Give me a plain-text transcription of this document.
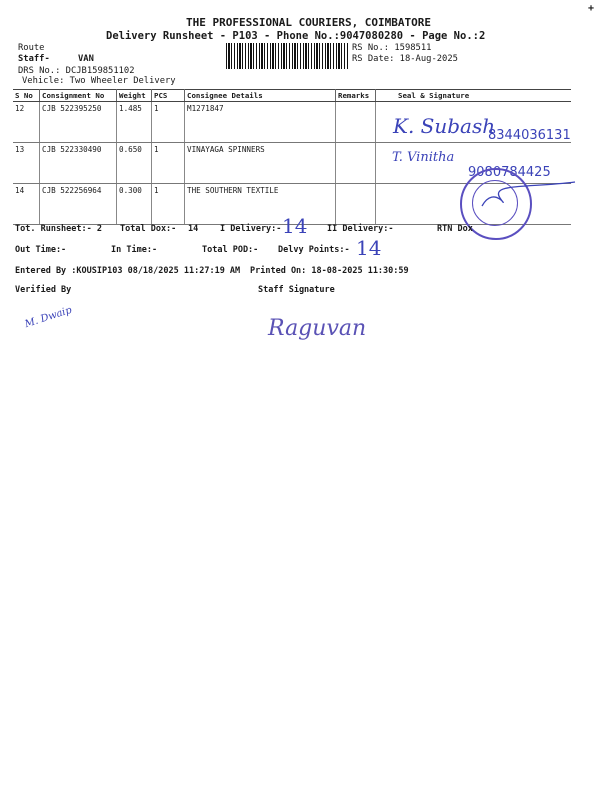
THE PROFESSIONAL COURIERS, COIMBATORE
Delivery Runsheet - P103 - Phone No.:9047080280 - Page No.:2
Route
Staff-	VAN
DRS No.: DCJB159851102
Vehicle: Two Wheeler Delivery
RS No.: 1598511
RS Date: 18-Aug-2025
S No	Consignment No	Weight	PCS	Consignee Details	Remarks	Seal & Signature
12	CJB 522395250	1.485	1	M1271847		
13	CJB 522330490	0.650	1	VINAYAGA SPINNERS		
14	CJB 522256964	0.300	1	THE SOUTHERN TEXTILE		
K. Subash
8344036131
T. Vinitha
9080784425
Tot. Runsheet:- 2 Total Dox:- 14	I Delivery:- 14 II Delivery:-	RTN Dox
Out Time:-	In Time:-	Total POD:- Delvy Points:- 14
Entered By :KOUSIP103 08/18/2025 11:27:19 AM Printed On: 18-08-2025 11:30:59
Verified By	Staff Signature
M. Dwaip	Raguvan
+
